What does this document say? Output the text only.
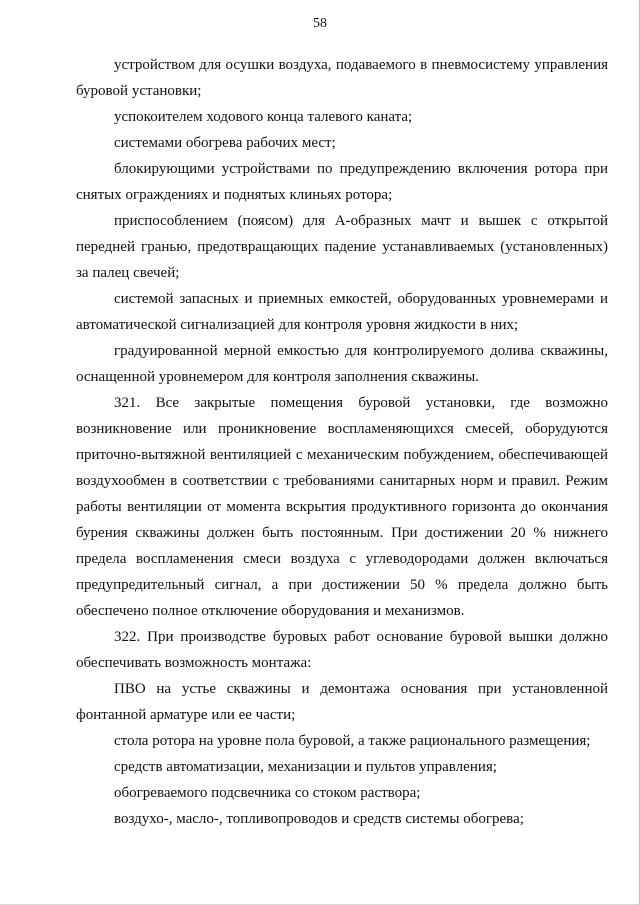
58

устройством для осушки воздуха, подаваемого в пневмосистему управления буровой установки;

успокоителем ходового конца талевого каната;

системами обогрева рабочих мест;

блокирующими устройствами по предупреждению включения ротора при снятых ограждениях и поднятых клиньях ротора;

приспособлением (поясом) для А-образных мачт и вышек с открытой передней гранью, предотвращающих падение устанавливаемых (установленных) за палец свечей;

системой запасных и приемных емкостей, оборудованных уровнемерами и автоматической сигнализацией для контроля уровня жидкости в них;

градуированной мерной емкостью для контролируемого долива скважины, оснащенной уровнемером для контроля заполнения скважины.

321. Все закрытые помещения буровой установки, где возможно возникновение или проникновение воспламеняющихся смесей, оборудуются приточно-вытяжной вентиляцией с механическим побуждением, обеспечивающей воздухообмен в соответствии с требованиями санитарных норм и правил. Режим работы вентиляции от момента вскрытия продуктивного горизонта до окончания бурения скважины должен быть постоянным. При достижении 20 % нижнего предела воспламенения смеси воздуха с углеводородами должен включаться предупредительный сигнал, а при достижении 50 % предела должно быть обеспечено полное отключение оборудования и механизмов.

322. При производстве буровых работ основание буровой вышки должно обеспечивать возможность монтажа:

ПВО на устье скважины и демонтажа основания при установленной фонтанной арматуре или ее части;

стола ротора на уровне пола буровой, а также рационального размещения;

средств автоматизации, механизации и пультов управления;

обогреваемого подсвечника со стоком раствора;

воздухо-, масло-, топливопроводов и средств системы обогрева;
